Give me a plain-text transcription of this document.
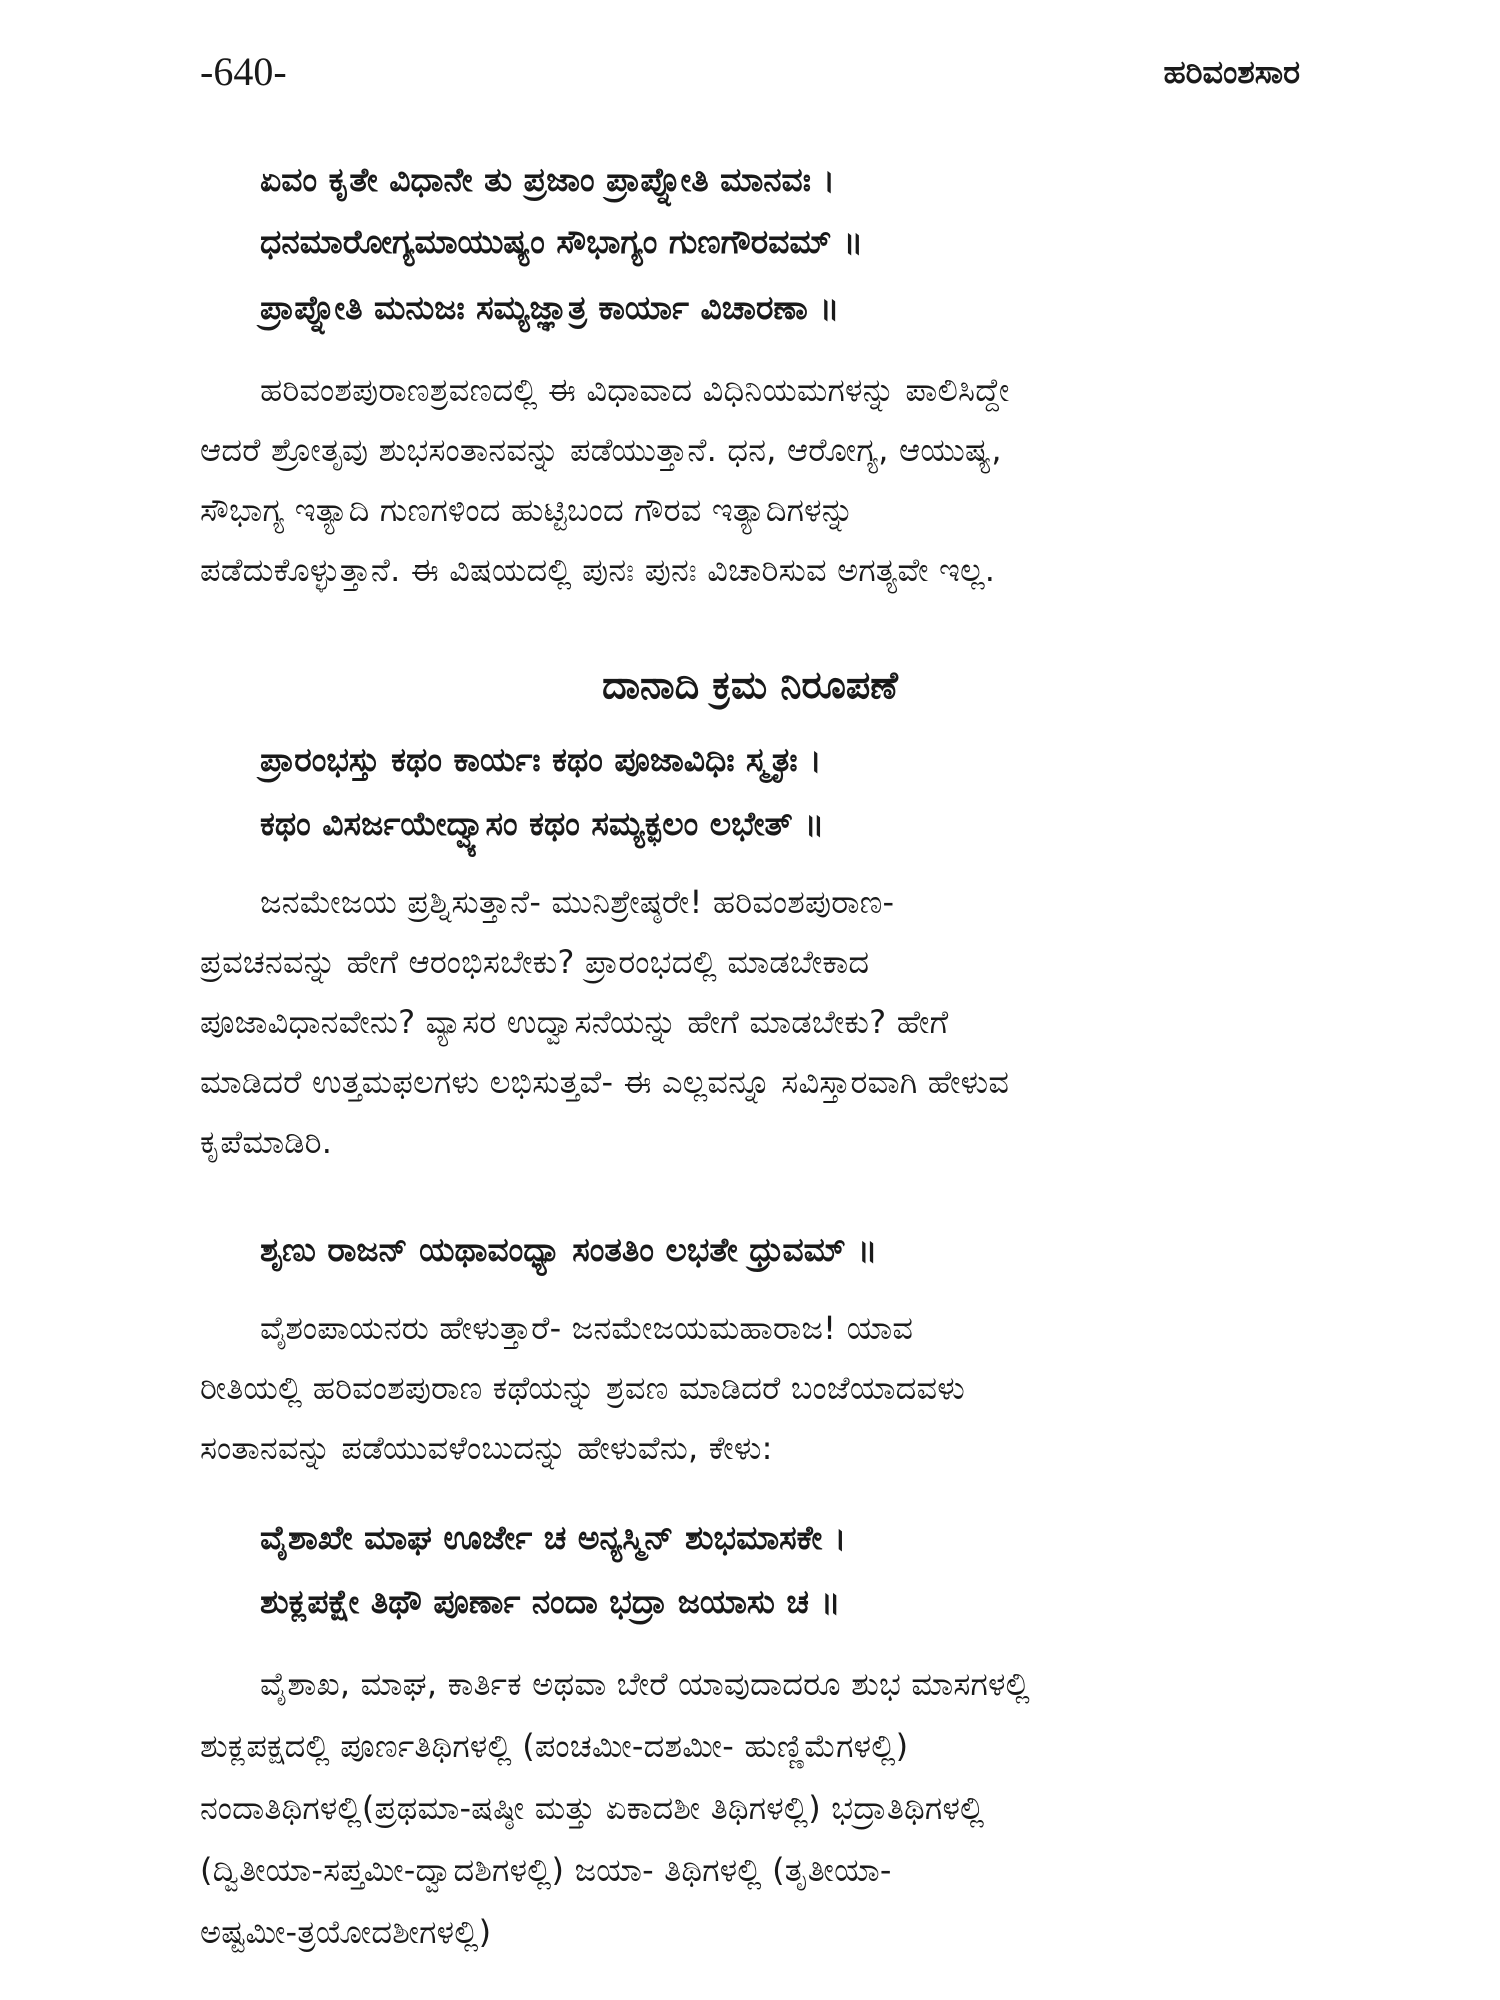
-640-	ಹರಿವಂಶಸಾರ
ಏವಂ ಕೃತೇ ವಿಧಾನೇ ತು ಪ್ರಜಾಂ ಪ್ರಾಪ್ನೋತಿ ಮಾನವಃ ।
ಧನಮಾರೋಗ್ಯಮಾಯುಷ್ಯಂ ಸೌಭಾಗ್ಯಂ ಗುಣಗೌರವಮ್ ॥
ಪ್ರಾಪ್ನೋತಿ ಮನುಜಃ ಸಮ್ಯಜ್ಞಾತ್ರ ಕಾರ್ಯಾ ವಿಚಾರಣಾ ॥
ಹರಿವಂಶಪುರಾಣಶ್ರವಣದಲ್ಲಿ ಈ ವಿಧಾವಾದ ವಿಧಿನಿಯಮಗಳನ್ನು ಪಾಲಿಸಿದ್ದೇ
ಆದರೆ ಶ್ರೋತೃವು ಶುಭಸಂತಾನವನ್ನು ಪಡೆಯುತ್ತಾನೆ. ಧನ, ಆರೋಗ್ಯ, ಆಯುಷ್ಯ,
ಸೌಭಾಗ್ಯ ಇತ್ಯಾದಿ ಗುಣಗಳಿಂದ ಹುಟ್ಟಿಬಂದ ಗೌರವ ಇತ್ಯಾದಿಗಳನ್ನು
ಪಡೆದುಕೊಳ್ಳುತ್ತಾನೆ. ಈ ವಿಷಯದಲ್ಲಿ ಪುನಃ ಪುನಃ ವಿಚಾರಿಸುವ ಅಗತ್ಯವೇ ಇಲ್ಲ.
ದಾನಾದಿ ಕ್ರಮ ನಿರೂಪಣೆ
ಪ್ರಾರಂಭಸ್ತು ಕಥಂ ಕಾರ್ಯಃ ಕಥಂ ಪೂಜಾವಿಧಿಃ ಸ್ಮೃತಃ ।
ಕಥಂ ವಿಸರ್ಜಯೇದ್ವ್ಯಾಸಂ ಕಥಂ ಸಮ್ಯಕ್ಫಲಂ ಲಭೇತ್ ॥
ಜನಮೇಜಯ ಪ್ರಶ್ನಿಸುತ್ತಾನೆ- ಮುನಿಶ್ರೇಷ್ಠರೇ! ಹರಿವಂಶಪುರಾಣ-
ಪ್ರವಚನವನ್ನು ಹೇಗೆ ಆರಂಭಿಸಬೇಕು? ಪ್ರಾರಂಭದಲ್ಲಿ ಮಾಡಬೇಕಾದ
ಪೂಜಾವಿಧಾನವೇನು? ವ್ಯಾಸರ ಉದ್ವಾಸನೆಯನ್ನು ಹೇಗೆ ಮಾಡಬೇಕು? ಹೇಗೆ
ಮಾಡಿದರೆ ಉತ್ತಮಫಲಗಳು ಲಭಿಸುತ್ತವೆ- ಈ ಎಲ್ಲವನ್ನೂ ಸವಿಸ್ತಾರವಾಗಿ ಹೇಳುವ
ಕೃಪೆಮಾಡಿರಿ.
ಶೃಣು ರಾಜನ್ ಯಥಾವಂಧ್ಯಾ ಸಂತತಿಂ ಲಭತೇ ಧ್ರುವಮ್ ॥
ವೈಶಂಪಾಯನರು ಹೇಳುತ್ತಾರೆ- ಜನಮೇಜಯಮಹಾರಾಜ! ಯಾವ
ರೀತಿಯಲ್ಲಿ ಹರಿವಂಶಪುರಾಣ ಕಥೆಯನ್ನು ಶ್ರವಣ ಮಾಡಿದರೆ ಬಂಜೆಯಾದವಳು
ಸಂತಾನವನ್ನು ಪಡೆಯುವಳೆಂಬುದನ್ನು ಹೇಳುವೆನು, ಕೇಳು:
ವೈಶಾಖೇ ಮಾಘ ಊರ್ಜೇ ಚ ಅನ್ಯಸ್ಮಿನ್ ಶುಭಮಾಸಕೇ ।
ಶುಕ್ಲಪಕ್ಷೇ ತಿಥೌ ಪೂರ್ಣಾ ನಂದಾ ಭದ್ರಾ ಜಯಾಸು ಚ ॥
ವೈಶಾಖ, ಮಾಘ, ಕಾರ್ತಿಕ ಅಥವಾ ಬೇರೆ ಯಾವುದಾದರೂ ಶುಭ ಮಾಸಗಳಲ್ಲಿ
ಶುಕ್ಲಪಕ್ಷದಲ್ಲಿ ಪೂರ್ಣತಿಥಿಗಳಲ್ಲಿ (ಪಂಚಮೀ-ದಶಮೀ- ಹುಣ್ಣಿಮೆಗಳಲ್ಲಿ)
ನಂದಾತಿಥಿಗಳಲ್ಲಿ(ಪ್ರಥಮಾ-ಷಷ್ಠೀ ಮತ್ತು ಏಕಾದಶೀ ತಿಥಿಗಳಲ್ಲಿ) ಭದ್ರಾತಿಥಿಗಳಲ್ಲಿ
(ದ್ವಿತೀಯಾ-ಸಪ್ತಮೀ-ದ್ವಾದಶಿಗಳಲ್ಲಿ) ಜಯಾ- ತಿಥಿಗಳಲ್ಲಿ (ತೃತೀಯಾ-
ಅಷ್ಟಮೀ-ತ್ರಯೋದಶೀಗಳಲ್ಲಿ)
